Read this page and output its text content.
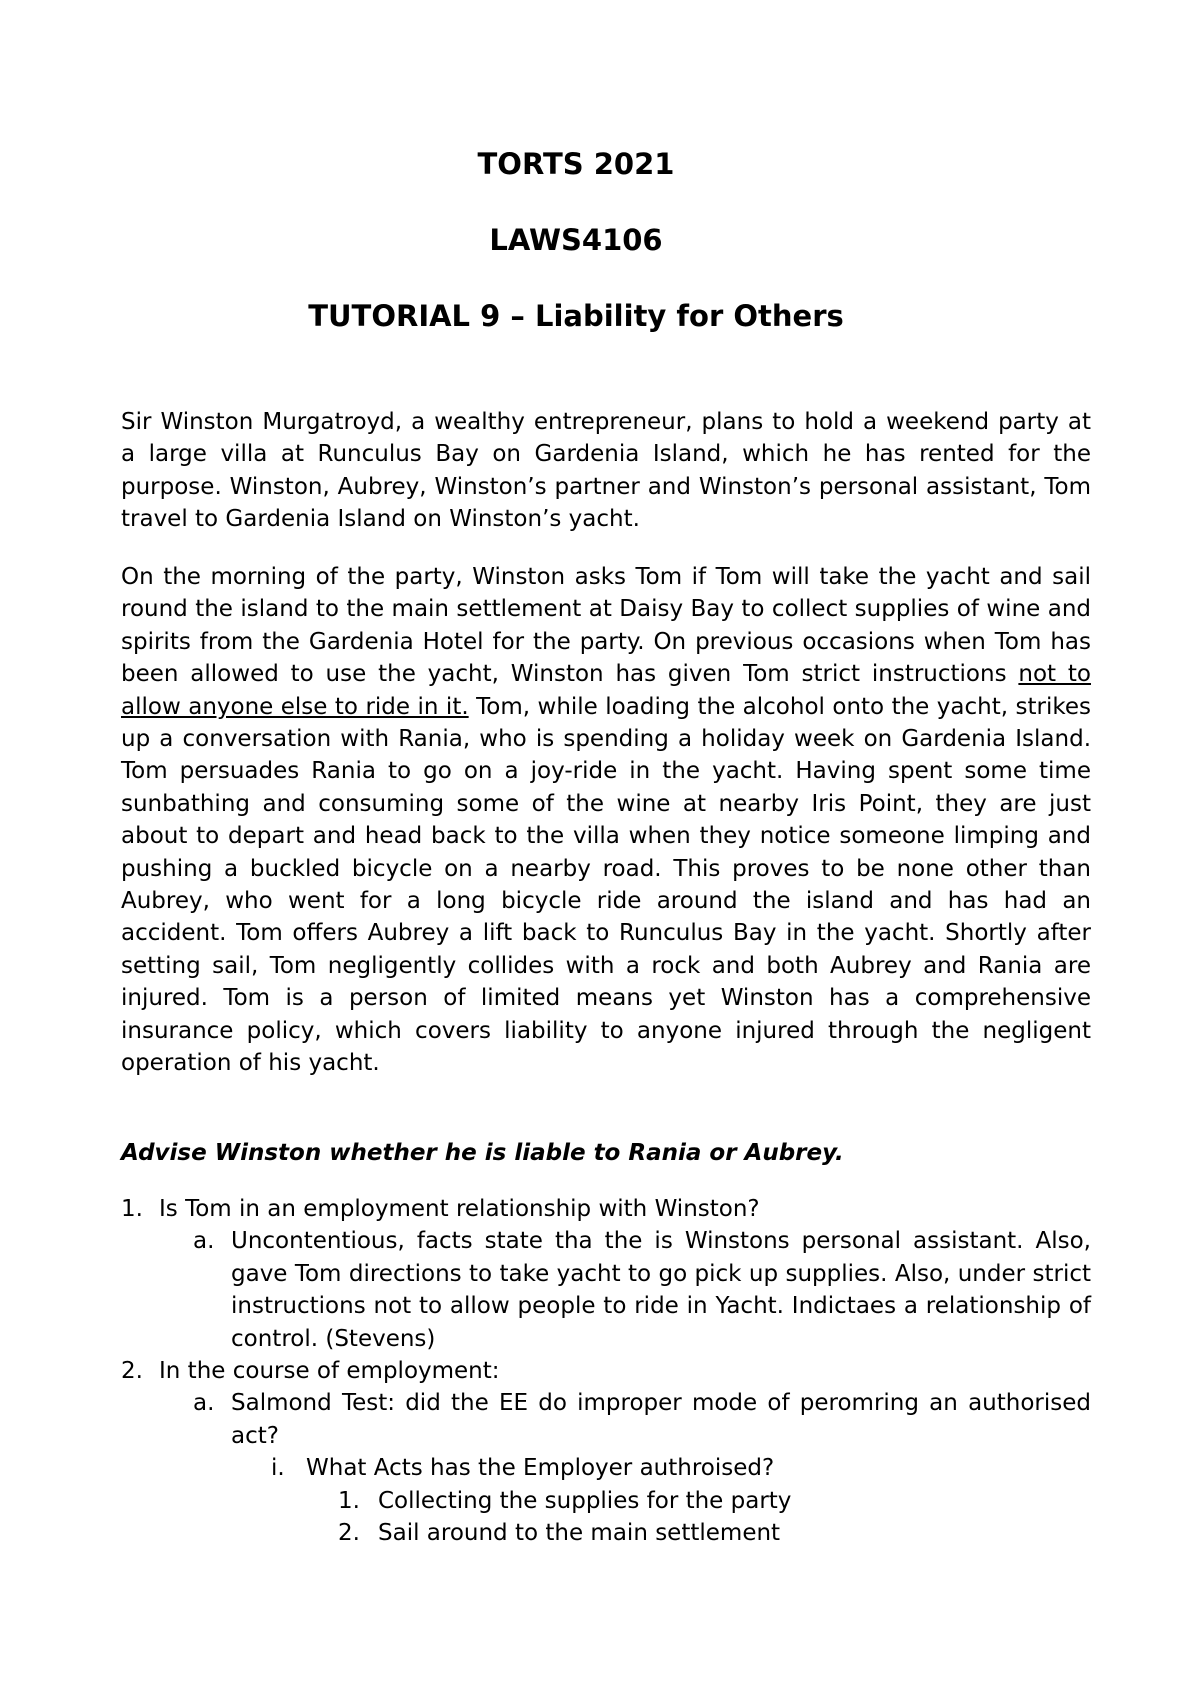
TORTS 2021
LAWS4106
TUTORIAL 9 – Liability for Others

Sir Winston Murgatroyd, a wealthy entrepreneur, plans to hold a weekend party at a large villa at Runculus Bay on Gardenia Island, which he has rented for the purpose. Winston, Aubrey, Winston’s partner and Winston’s personal assistant, Tom travel to Gardenia Island on Winston’s yacht.

On the morning of the party, Winston asks Tom if Tom will take the yacht and sail round the island to the main settlement at Daisy Bay to collect supplies of wine and spirits from the Gardenia Hotel for the party. On previous occasions when Tom has been allowed to use the yacht, Winston has given Tom strict instructions not to allow anyone else to ride in it. Tom, while loading the alcohol onto the yacht, strikes up a conversation with Rania, who is spending a holiday week on Gardenia Island. Tom persuades Rania to go on a joy-ride in the yacht. Having spent some time sunbathing and consuming some of the wine at nearby Iris Point, they are just about to depart and head back to the villa when they notice someone limping and pushing a buckled bicycle on a nearby road. This proves to be none other than Aubrey, who went for a long bicycle ride around the island and has had an accident. Tom offers Aubrey a lift back to Runculus Bay in the yacht. Shortly after setting sail, Tom negligently collides with a rock and both Aubrey and Rania are injured. Tom is a person of limited means yet Winston has a comprehensive insurance policy, which covers liability to anyone injured through the negligent operation of his yacht.

Advise Winston whether he is liable to Rania or Aubrey.
1. Is Tom in an employment relationship with Winston?
a. Uncontentious, facts state tha the is Winstons personal assistant. Also, gave Tom directions to take yacht to go pick up supplies. Also, under strict instructions not to allow people to ride in Yacht. Indictaes a relationship of control. (Stevens)
2. In the course of employment:
a. Salmond Test: did the EE do improper mode of peromring an authorised act?
i. What Acts has the Employer authroised?
1. Collecting the supplies for the party
2. Sail around to the main settlement
